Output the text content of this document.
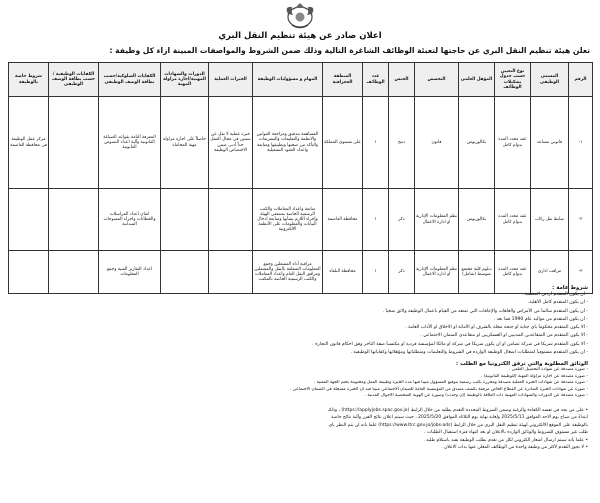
اعلان صادر عن هيئة تنظيم النقل البري
تعلن هيئة تنظيم النقل البري عن حاجتها لتعبئة الوظائف الشاغرة التالية وذلك ضمن الشروط والمواصفات المبينة ازاء كل وظيفة :
الرقم	المسمى الوظيفي	نوع التعيين حسب جدول تشكيلات الوظائف	المؤهل العلمي	التخصص	الجنس	عدد الوظائف	المنطقة الجغرافية	المهام و مسؤوليات الوظيفة	الخبرات العملية	الدورات والشهادات المهنية/اجازة مزاولة المهنة	الكفايات السلوكية/حسب بطاقة الوصف الوظيفي	الكفايات الوظيفية / حسب بطاقة الوصف الوظيفي	شروط خاصة بالوظيفة
١-	قانوني مساعد	عقد محدد المدة بدوام كامل	بكالوريوس	قانون	دمج	١	على مستوى المملكة	المساهمة بتدقيق ومراجعة القوانين والانظمة والتعليمات والتشريعات والتأكد من صحتها وتطبيقها ومتابعة واعداد العقود التشغيلية	خبرة عملية لا تقل عن سنتين في مجال العمل حداً أدنى ضمن الاختصاص الوظيفة	حاصلاً على اجازة مزاولة مهنة المحاماة	المعرفة التامة بقواعد الصياغة القانونية وآلية اعداد النصوص القانونية		مركز عمل الوظيفة في محافظة العاصمة
٢-	ضابط نقل ركاب	عقد محدد المدة بدوام كامل	بكالوريوس	نظم المعلومات الإدارية او ادارة الاعمال	ذكر	١	محافظة العاصمة	متابعة واعداد المعاملات والكتب الرسمية الخاصة بمنتفعي الهيئة وإجراء اللازم بشأنها ومتابعة ادخال البيانات والمعلومات على الأنظمة الالكترونية			اتقان اعداد المراسلات والخطابات واجراء المسوحات الميدانية		
٣-	مراقب اداري	عقد محدد المدة بدوام كامل	دبلوم كلية مجتمع متوسط (شامل)	نظم المعلومات الإدارية او ادارة الاعمال	ذكر	١	محافظة البلقاء	مراقبة أداء المشغلين وجمع المعلومات المتعلقة بالنقل والمشغلين ومرافق النقل العام واعداد المعاملات والكتب الرسمية الخاصة بالمكتب			اعداد التقارير الفنية وجمع المعلومات		
شروط عامة :
- أن يكون المتقدم أردني الجنسية .
- أن يكون المتقدم كامل الأهلية.
- أن يكون المتقدم سالماً من الأمراض والعاهات والإعاقات التي تمنعه من القيام بأعمال الوظيفة ولائق صحياً .
- أن يكون المتقدم من مواليد عام 1990 فما بعد .
- ألا يكون المتقدم محكوماً بأي جناية أو جنحة مخلة بالشرف او الأمانة او الاخلاق او الآداب العامة .
- ألا يكون المتقدم من المتقاعدين المدنيين او العسكريين او متقاعدي الضمان الاجتماعي .
- ألا يكون المتقدم شريكا في شركة تضامن او ان يكون شريكا في شركة او مالكا لمؤسسة فردية او مكتسباً صفة التاجر وفق احكام قانون التجارة .
- أن يكون المتقدم مستوفياً لمتطلبات اشغال الوظيفة الواردة في الشروط والتعليمات ومتطلباتها ومؤهلاتها وكفاياتها الوظيفية .
الوثائق المطلوبة والتي ترفق الكترونيا مع الطلب :
- صورة مصدقة عن شهادة التحصيل العلمي .
- صورة مصدقة عن اجازة مزاولة المهنة (للوظيفة القانونية) .
- صورة مصدقة عن شهادات الخبرة العملية مصدقة ومحررة بكتب رسمية بتوقيع المسؤول مبيناً فيها مدة الخبرة وطبيعة العمل ومختومة بختم الجهة المعنية .
- صورة عن شهادات الخبرة الصادرة عن القطاع الخاص مرفقة بكشف مصدق من المؤسسة العامة للضمان الاجتماعي مبيناً فيه ان الخبرة مسجلة في الضمان الاجتماعي .
- صورة مصدقة عن الدورات والشهادات المهنية ذات العلاقة بالوظيفة (إن وجدت) وصورة عن الهوية الشخصية الأحوال المدنية .
• على من يجد في نفسه الكفاءة والرغبة وضمن الشروط المحددة التقدم بطلبه من خلال الرابط (https://applyjobs.spac.gov.jo) ، وذلك
ابتداءً من صباح يوم الاحد الموافق 2025/5/11 ولغاية نهاية يوم الثلاثاء الموافق 2025/5/20 ، حيث سيتم اعلان نتائج الفرز وآلية نتائج خاصة
بالوظيفة على الموقع الالكتروني لهيئة تنظيم النقل البري من خلال الرابط (https://www.ltrc.gov.jo/jobs-ads) علما بانه لن يتم النظر بأي
طلب غير مستوف للشروط والوثائق الواردة بالاعلان او بعد انتهاء فترة استقبال الطلبات .
• علما بانه سيتم ارسال اشعار الكتروني لكل من تقدم بطلب الوظيفة يفيد باستلام طلبه .
• لا يجوز التقدم لأكثر من وظيفة واحدة من الوظائف المعلن عنها بذات الاعلان .
